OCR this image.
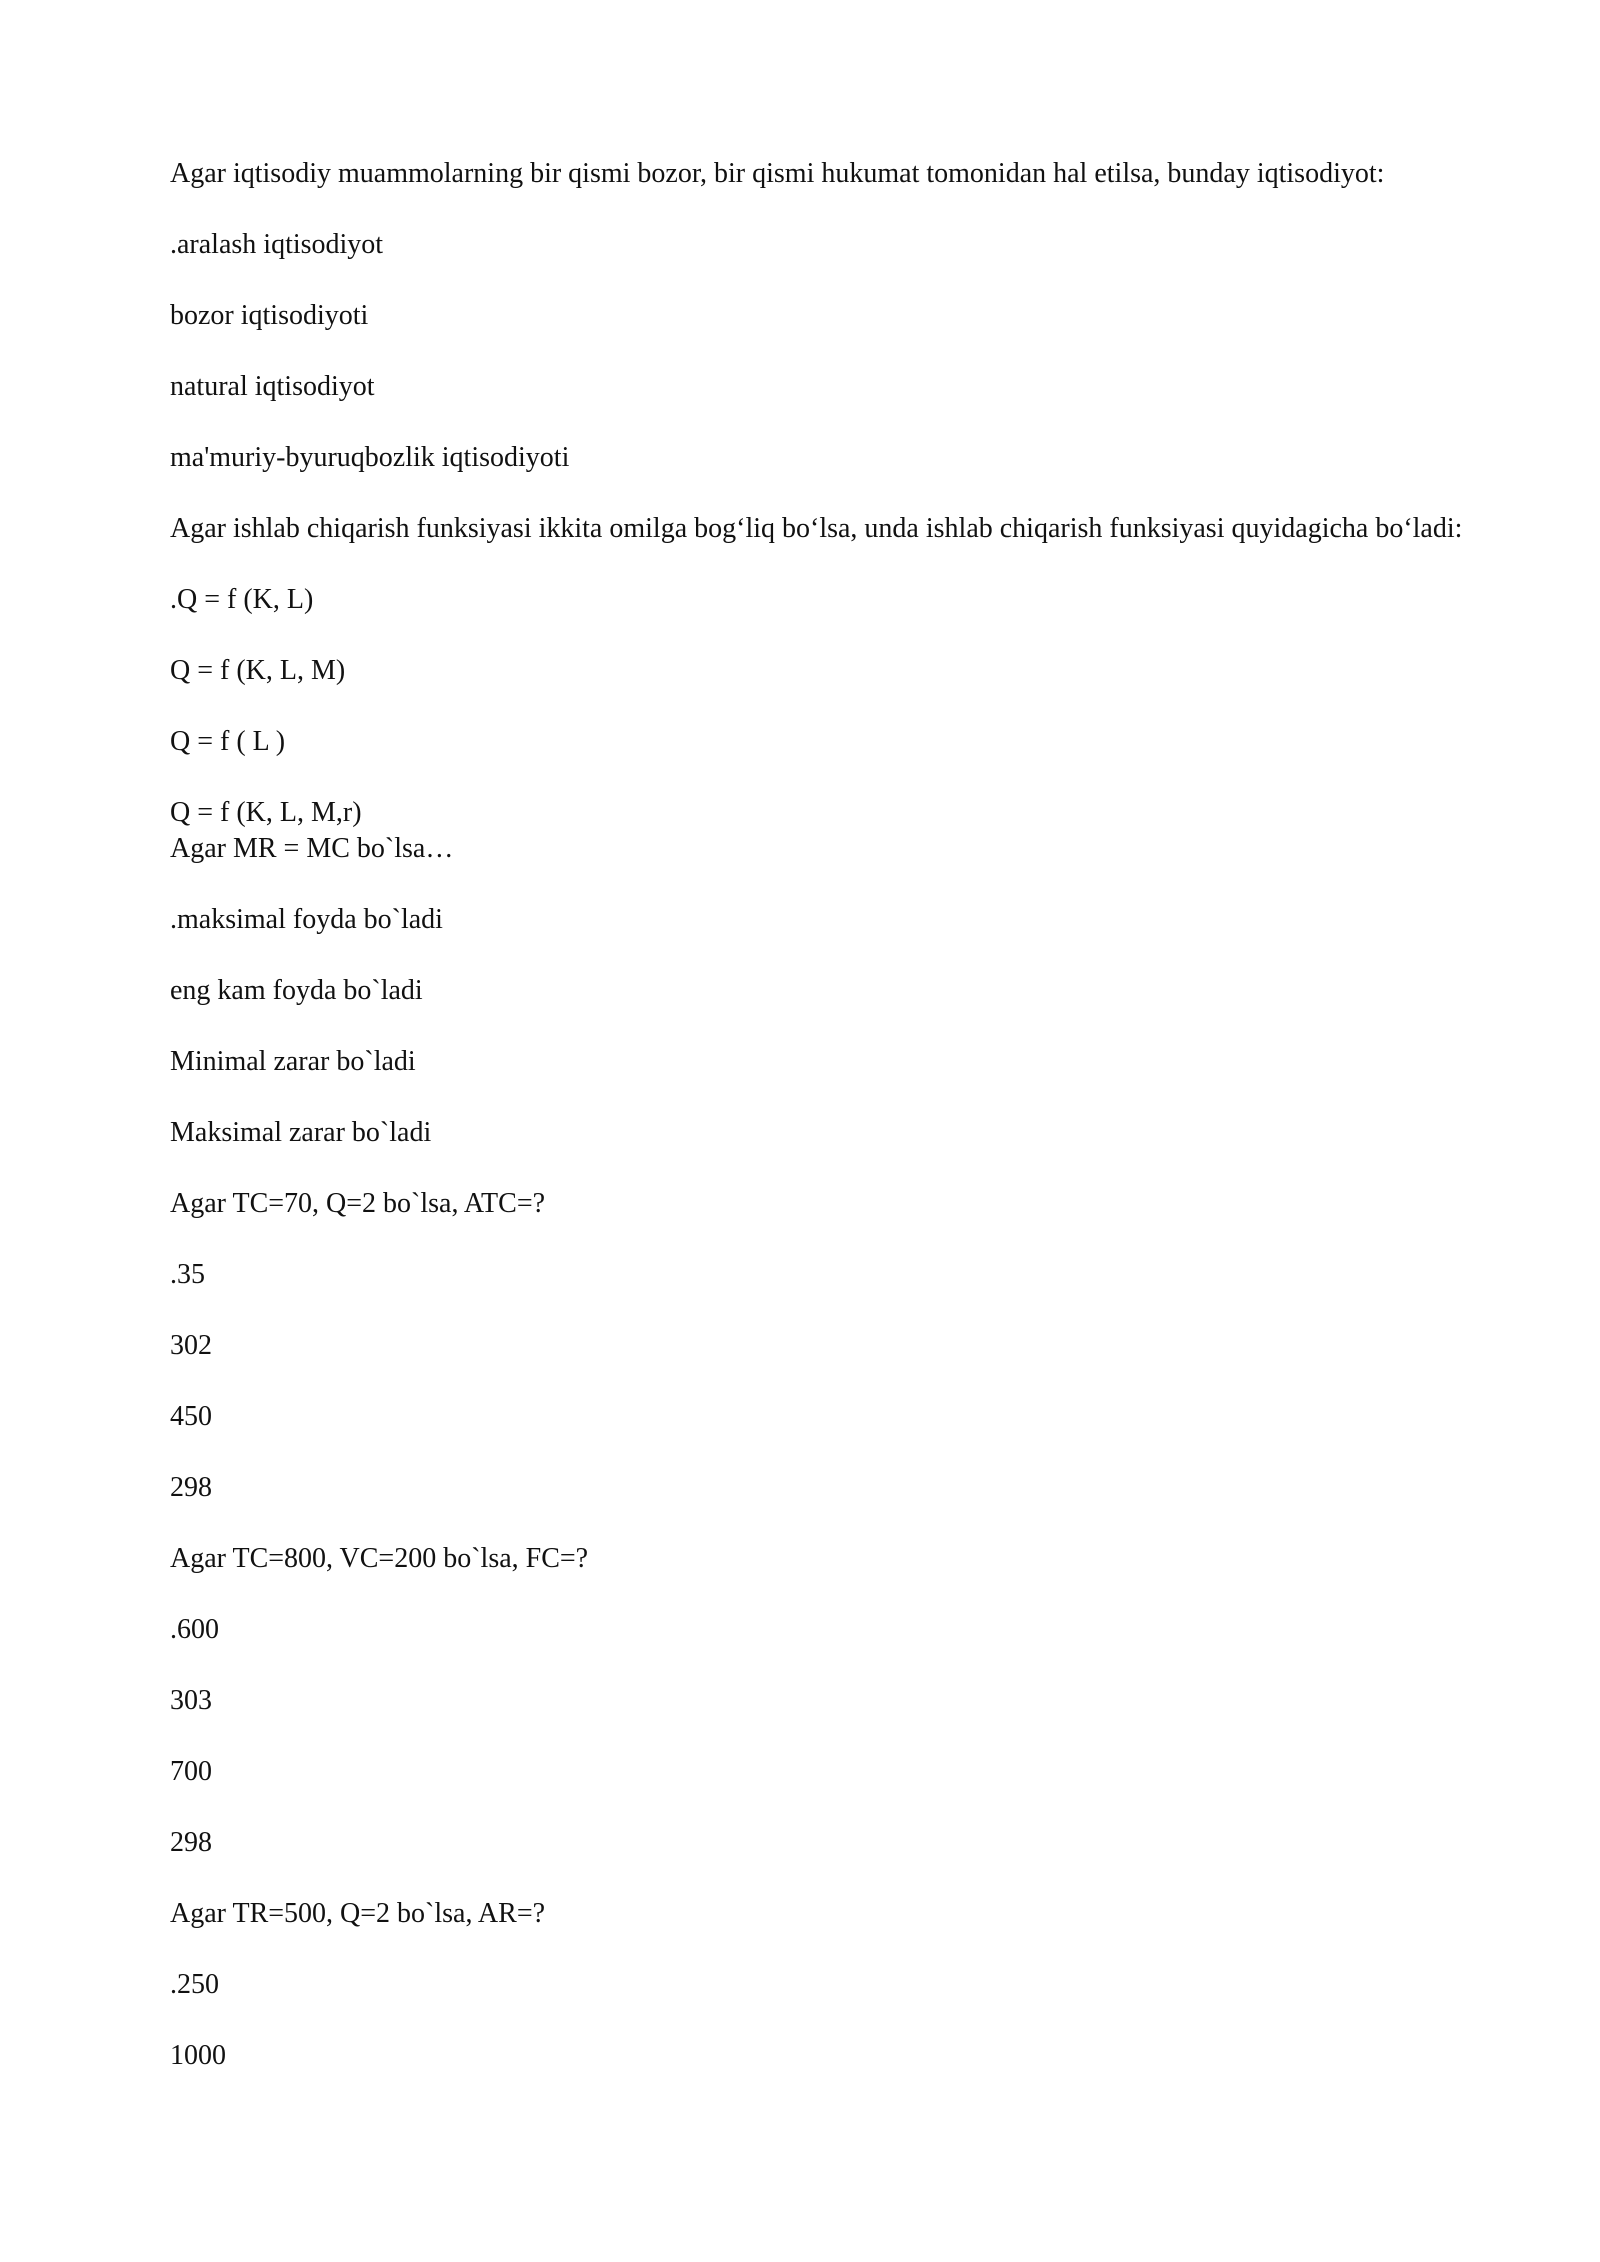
Agar iqtisodiy muammolarning bir qismi bozor, bir qismi hukumat tomonidan hal etilsa, bunday iqtisodiyot:

.aralash iqtisodiyot

bozor iqtisodiyoti

natural iqtisodiyot

ma'muriy-byuruqbozlik iqtisodiyoti

Agar ishlab chiqarish funksiyasi ikkita omilga bog‘liq bo‘lsa, unda ishlab chiqarish funksiyasi quyidagicha bo‘ladi:

.Q = f (K, L)

Q = f (K, L, M)

Q = f ( L )

Q = f (K, L, M,r)

Agar MR = MC bo`lsa…

.maksimal foyda bo`ladi

eng kam foyda bo`ladi

Minimal zarar bo`ladi

Maksimal zarar bo`ladi

Agar TC=70, Q=2 bo`lsa, ATC=?

.35

302

450

298

Agar TC=800, VC=200 bo`lsa, FC=?

.600

303

700

298

Agar TR=500, Q=2 bo`lsa, AR=?

.250

1000
